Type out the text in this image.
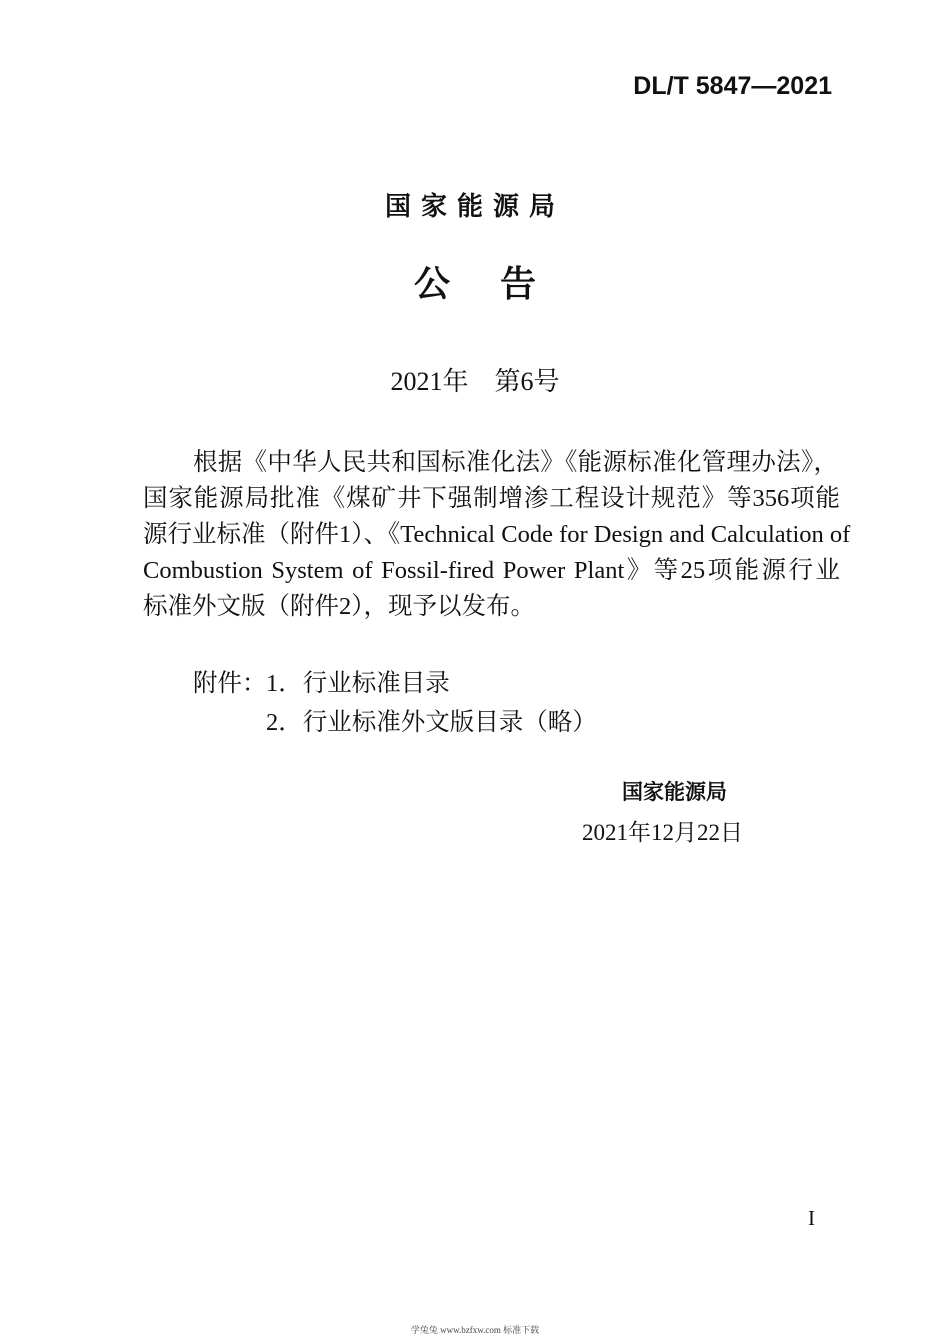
DL/T 5847—2021
国家能源局
公告
2021年　第6号
根据《中华人民共和国标准化法》《能源标准化管理办法》，
国家能源局批准《煤矿井下强制增渗工程设计规范》等356项能
源行业标准（附件1）、《Technical Code for Design and Calculation of
Combustion System of Fossil-fired Power Plant》等25项能源行业
标准外文版（附件2），现予以发布。
附件： 1．行业标准目录
2．行业标准外文版目录（略）
国家能源局
2021年12月22日
I
学兔兔 www.bzfxw.com 标准下载
